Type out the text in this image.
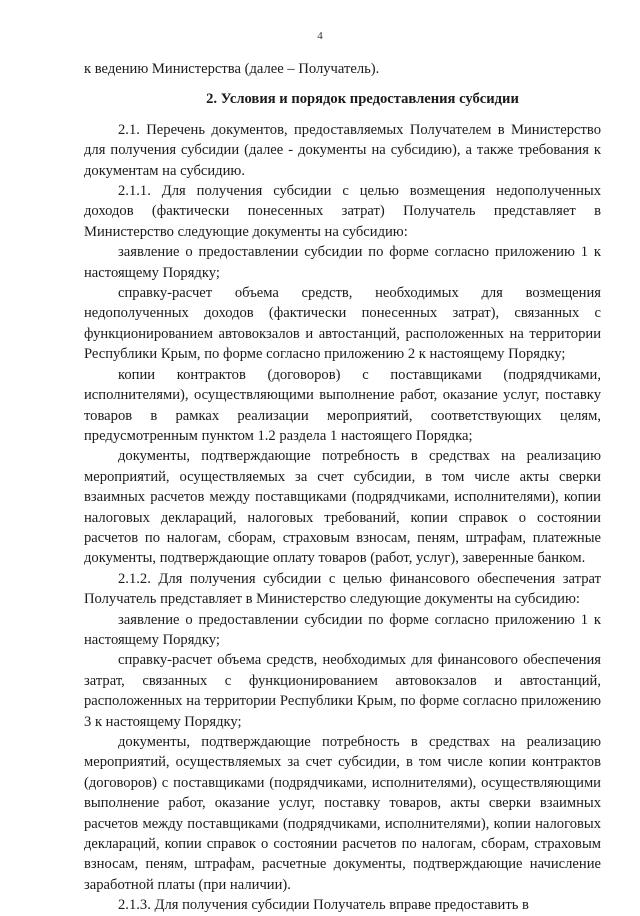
4

к ведению Министерства (далее – Получатель).

2. Условия и порядок предоставления субсидии

2.1. Перечень документов, предоставляемых Получателем в Министерство для получения субсидии (далее - документы на субсидию), а также требования к документам на субсидию.

2.1.1. Для получения субсидии с целью возмещения недополученных доходов (фактически понесенных затрат) Получатель представляет в Министерство следующие документы на субсидию:

заявление о предоставлении субсидии по форме согласно приложению 1 к настоящему Порядку;

справку-расчет объема средств, необходимых для возмещения недополученных доходов (фактически понесенных затрат), связанных с функционированием автовокзалов и автостанций, расположенных на территории Республики Крым, по форме согласно приложению 2 к настоящему Порядку;

копии контрактов (договоров) с поставщиками (подрядчиками, исполнителями), осуществляющими выполнение работ, оказание услуг, поставку товаров в рамках реализации мероприятий, соответствующих целям, предусмотренным пунктом 1.2 раздела 1 настоящего Порядка;

документы, подтверждающие потребность в средствах на реализацию мероприятий, осуществляемых за счет субсидии, в том числе акты сверки взаимных расчетов между поставщиками (подрядчиками, исполнителями), копии налоговых деклараций, налоговых требований, копии справок о состоянии расчетов по налогам, сборам, страховым взносам, пеням, штрафам, платежные документы, подтверждающие оплату товаров (работ, услуг), заверенные банком.

2.1.2. Для получения субсидии с целью финансового обеспечения затрат Получатель представляет в Министерство следующие документы на субсидию:

заявление о предоставлении субсидии по форме согласно приложению 1 к настоящему Порядку;

справку-расчет объема средств, необходимых для финансового обеспечения затрат, связанных с функционированием автовокзалов и автостанций, расположенных на территории Республики Крым, по форме согласно приложению 3 к настоящему Порядку;

документы, подтверждающие потребность в средствах на реализацию мероприятий, осуществляемых за счет субсидии, в том числе копии контрактов (договоров) с поставщиками (подрядчиками, исполнителями), осуществляющими выполнение работ, оказание услуг, поставку товаров, акты сверки взаимных расчетов между поставщиками (подрядчиками, исполнителями), копии налоговых деклараций, копии справок о состоянии расчетов по налогам, сборам, страховым взносам, пеням, штрафам, расчетные документы, подтверждающие начисление заработной платы (при наличии).

2.1.3. Для получения субсидии Получатель вправе предоставить в
